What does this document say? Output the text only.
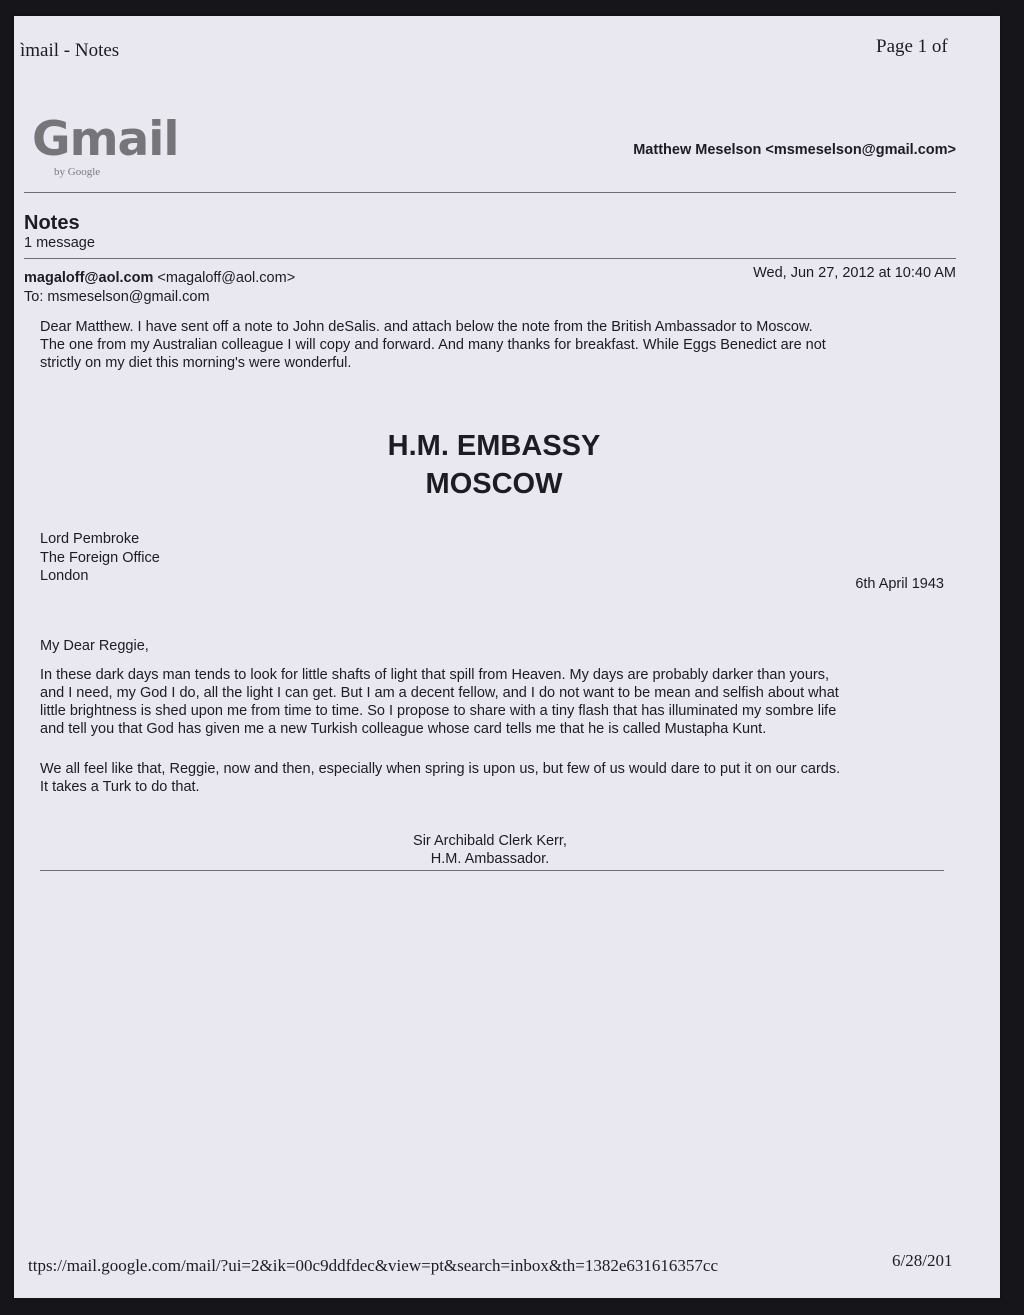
ìmail - Notes	Page 1 of
Gmail
by Google
Matthew Meselson <msmeselson@gmail.com>
Notes
1 message
magaloff@aol.com <magaloff@aol.com>	Wed, Jun 27, 2012 at 10:40 AM
To: msmeselson@gmail.com

Dear Matthew. I have sent off a note to John deSalis. and attach below the note from the British Ambassador to Moscow.

The one from my Australian colleague I will copy and forward. And many thanks for breakfast. While Eggs Benedict are not

strictly on my diet this morning's were wonderful.

H.M. EMBASSY
MOSCOW
Lord Pembroke
The Foreign Office
London	6th April 1943
My Dear Reggie,

In these dark days man tends to look for little shafts of light that spill from Heaven. My days are probably darker than yours,

and I need, my God I do, all the light I can get. But I am a decent fellow, and I do not want to be mean and selfish about what

little brightness is shed upon me from time to time. So I propose to share with a tiny flash that has illuminated my sombre life

and tell you that God has given me a new Turkish colleague whose card tells me that he is called Mustapha Kunt.

We all feel like that, Reggie, now and then, especially when spring is upon us, but few of us would dare to put it on our cards.

It takes a Turk to do that.

Sir Archibald Clerk Kerr,
H.M. Ambassador.
ttps://mail.google.com/mail/?ui=2&ik=00c9ddfdec&view=pt&search=inbox&th=1382e631616357cc	6/28/201
